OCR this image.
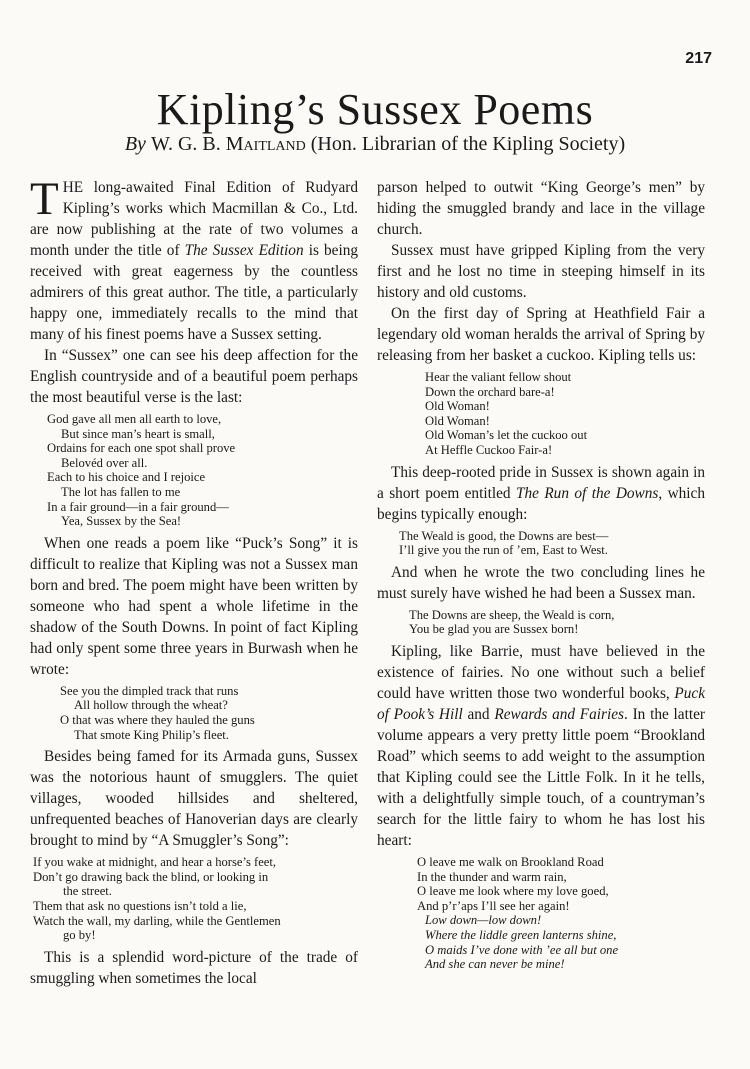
217
Kipling’s Sussex Poems
By W. G. B. Maitland (Hon. Librarian of the Kipling Society)

THE long-awaited Final Edition of Rudyard Kipling’s works which Macmillan & Co., Ltd. are now publishing at the rate of two volumes a month under the title of The Sussex Edition is being received with great eagerness by the countless admirers of this great author. The title, a particularly happy one, immediately recalls to the mind that many of his finest poems have a Sussex setting.

In “Sussex” one can see his deep affection for the English countryside and of a beautiful poem perhaps the most beautiful verse is the last:

God gave all men all earth to love,
But since man’s heart is small,
Ordains for each one spot shall prove
Belovéd over all.
Each to his choice and I rejoice
The lot has fallen to me
In a fair ground—in a fair ground—
Yea, Sussex by the Sea!

When one reads a poem like “Puck’s Song” it is difficult to realize that Kipling was not a Sussex man born and bred. The poem might have been written by someone who had spent a whole lifetime in the shadow of the South Downs. In point of fact Kipling had only spent some three years in Burwash when he wrote:

See you the dimpled track that runs
All hollow through the wheat?
O that was where they hauled the guns
That smote King Philip’s fleet.

Besides being famed for its Armada guns, Sussex was the notorious haunt of smugglers. The quiet villages, wooded hillsides and sheltered, unfrequented beaches of Hanoverian days are clearly brought to mind by “A Smuggler’s Song”:

If you wake at midnight, and hear a horse’s feet,
Don’t go drawing back the blind, or looking in
the street.
Them that ask no questions isn’t told a lie,
Watch the wall, my darling, while the Gentlemen
go by!

This is a splendid word-picture of the trade of smuggling when sometimes the local

parson helped to outwit “King George’s men” by hiding the smuggled brandy and lace in the village church.

Sussex must have gripped Kipling from the very first and he lost no time in steeping himself in its history and old customs.

On the first day of Spring at Heathfield Fair a legendary old woman heralds the arrival of Spring by releasing from her basket a cuckoo. Kipling tells us:

Hear the valiant fellow shout
Down the orchard bare-a!
Old Woman!
Old Woman!
Old Woman’s let the cuckoo out
At Heffle Cuckoo Fair-a!

This deep-rooted pride in Sussex is shown again in a short poem entitled The Run of the Downs, which begins typically enough:

The Weald is good, the Downs are best—
I’ll give you the run of ’em, East to West.

And when he wrote the two concluding lines he must surely have wished he had been a Sussex man.

The Downs are sheep, the Weald is corn,
You be glad you are Sussex born!

Kipling, like Barrie, must have believed in the existence of fairies. No one without such a belief could have written those two wonderful books, Puck of Pook’s Hill and Rewards and Fairies. In the latter volume appears a very pretty little poem “Brookland Road” which seems to add weight to the assumption that Kipling could see the Little Folk. In it he tells, with a delightfully simple touch, of a countryman’s search for the little fairy to whom he has lost his heart:

O leave me walk on Brookland Road
In the thunder and warm rain,
O leave me look where my love goed,
And p’r’aps I’ll see her again!
Low down—low down!
Where the liddle green lanterns shine,
O maids I’ve done with ’ee all but one
And she can never be mine!
